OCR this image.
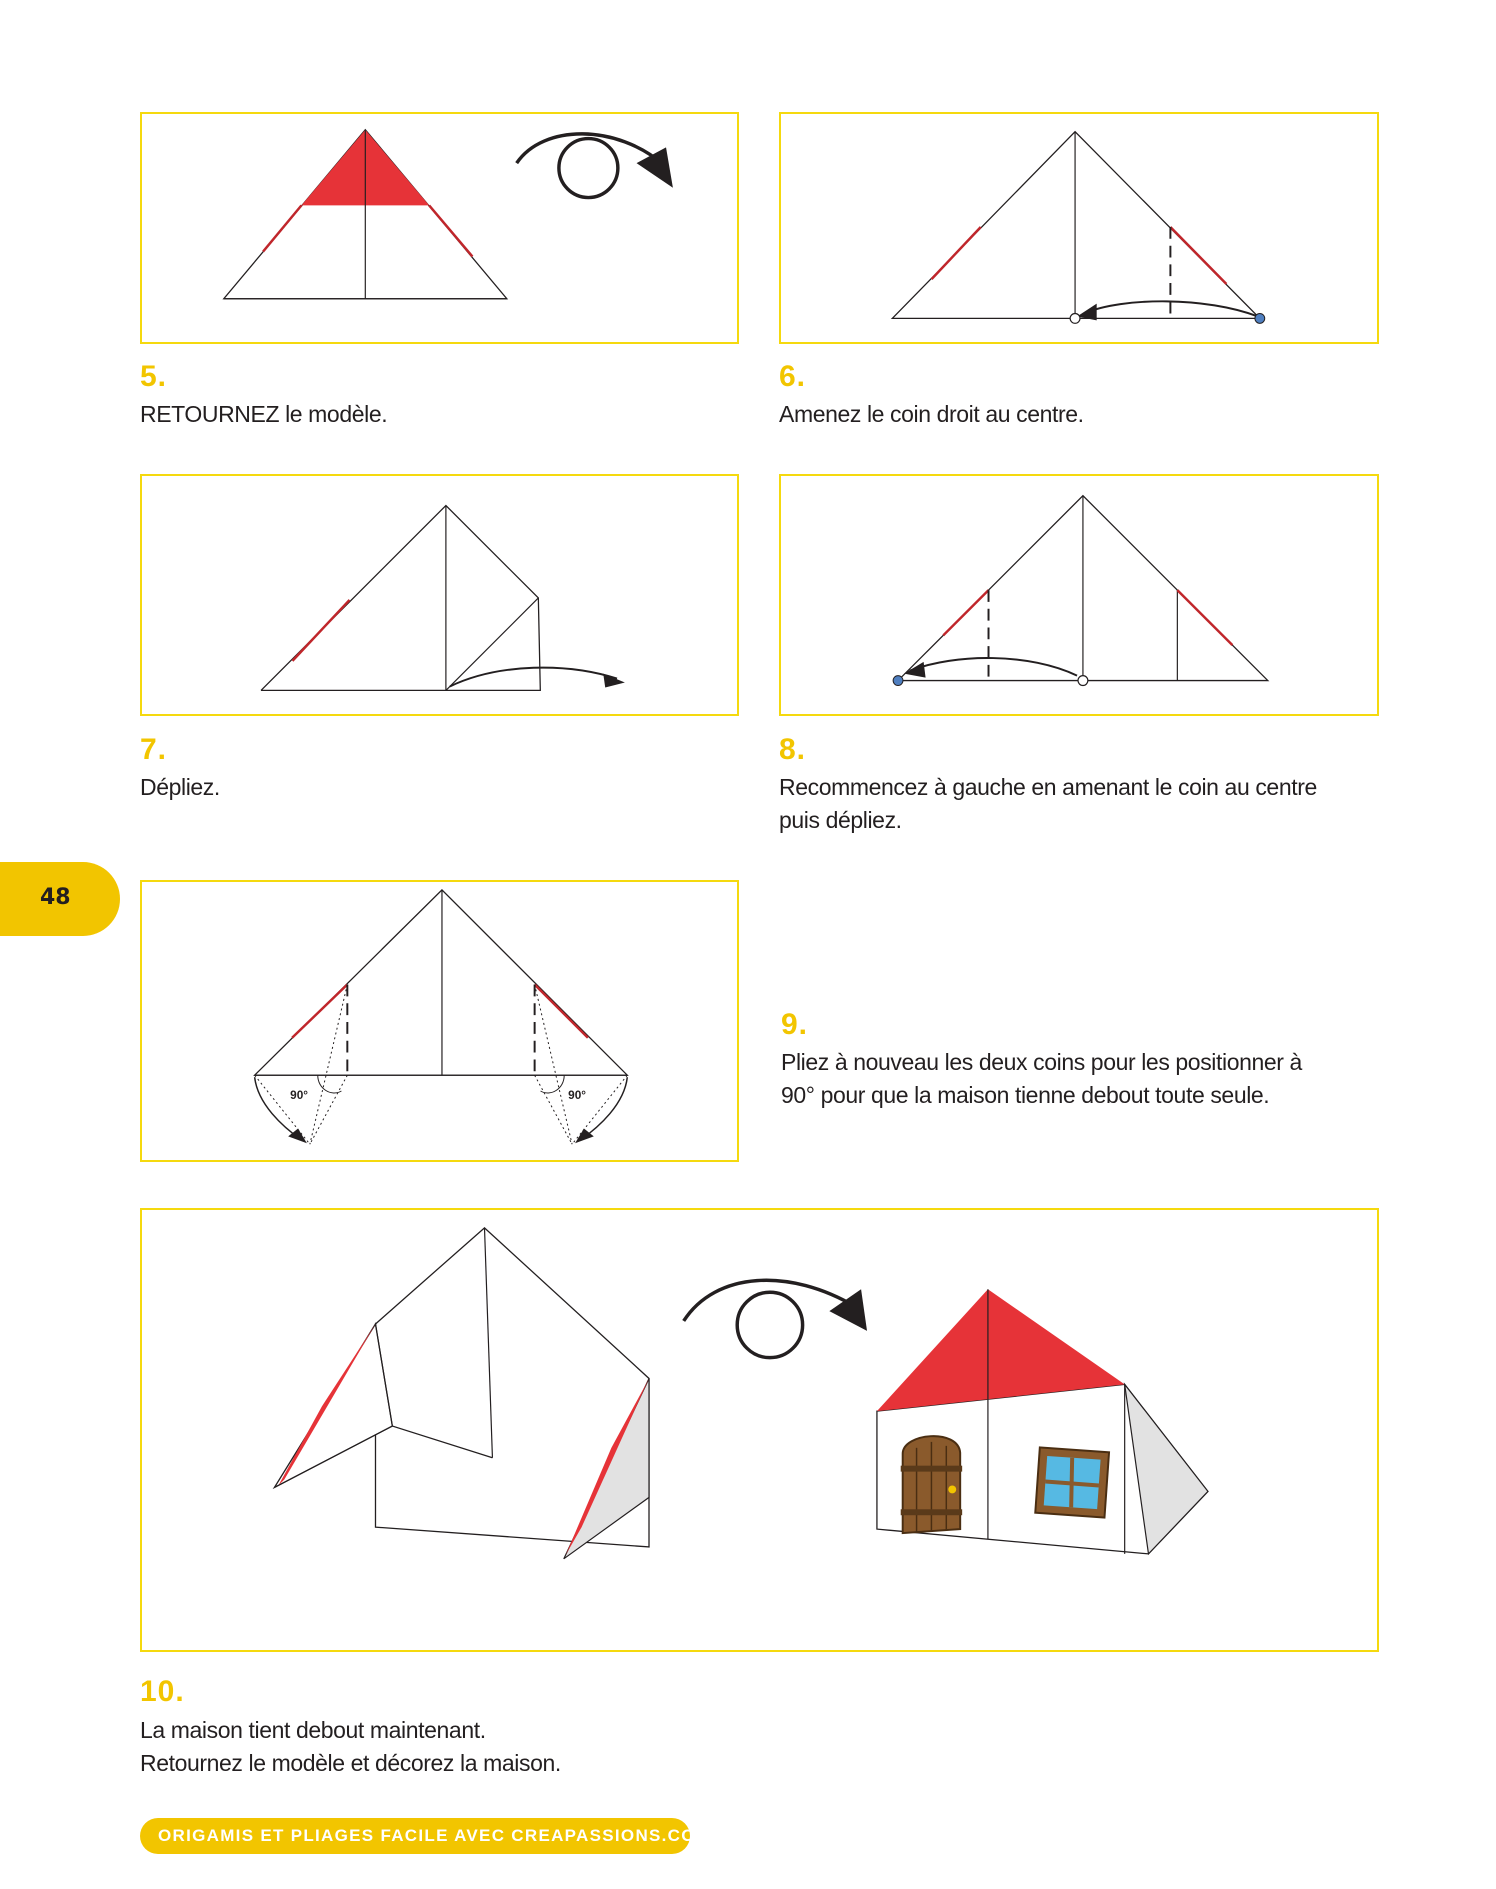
5.
RETOURNEZ le modèle.
6.
Amenez le coin droit au centre.
7.
Dépliez.
8.
Recommencez à gauche en amenant le coin au centre
puis dépliez.
90°	90°
9.
Pliez à nouveau les deux coins pour les positionner à
90° pour que la maison tienne debout toute seule.
10.
La maison tient debout maintenant.
Retournez le modèle et décorez la maison.
48
ORIGAMIS ET PLIAGES FACILE AVEC CREAPASSIONS.COM
